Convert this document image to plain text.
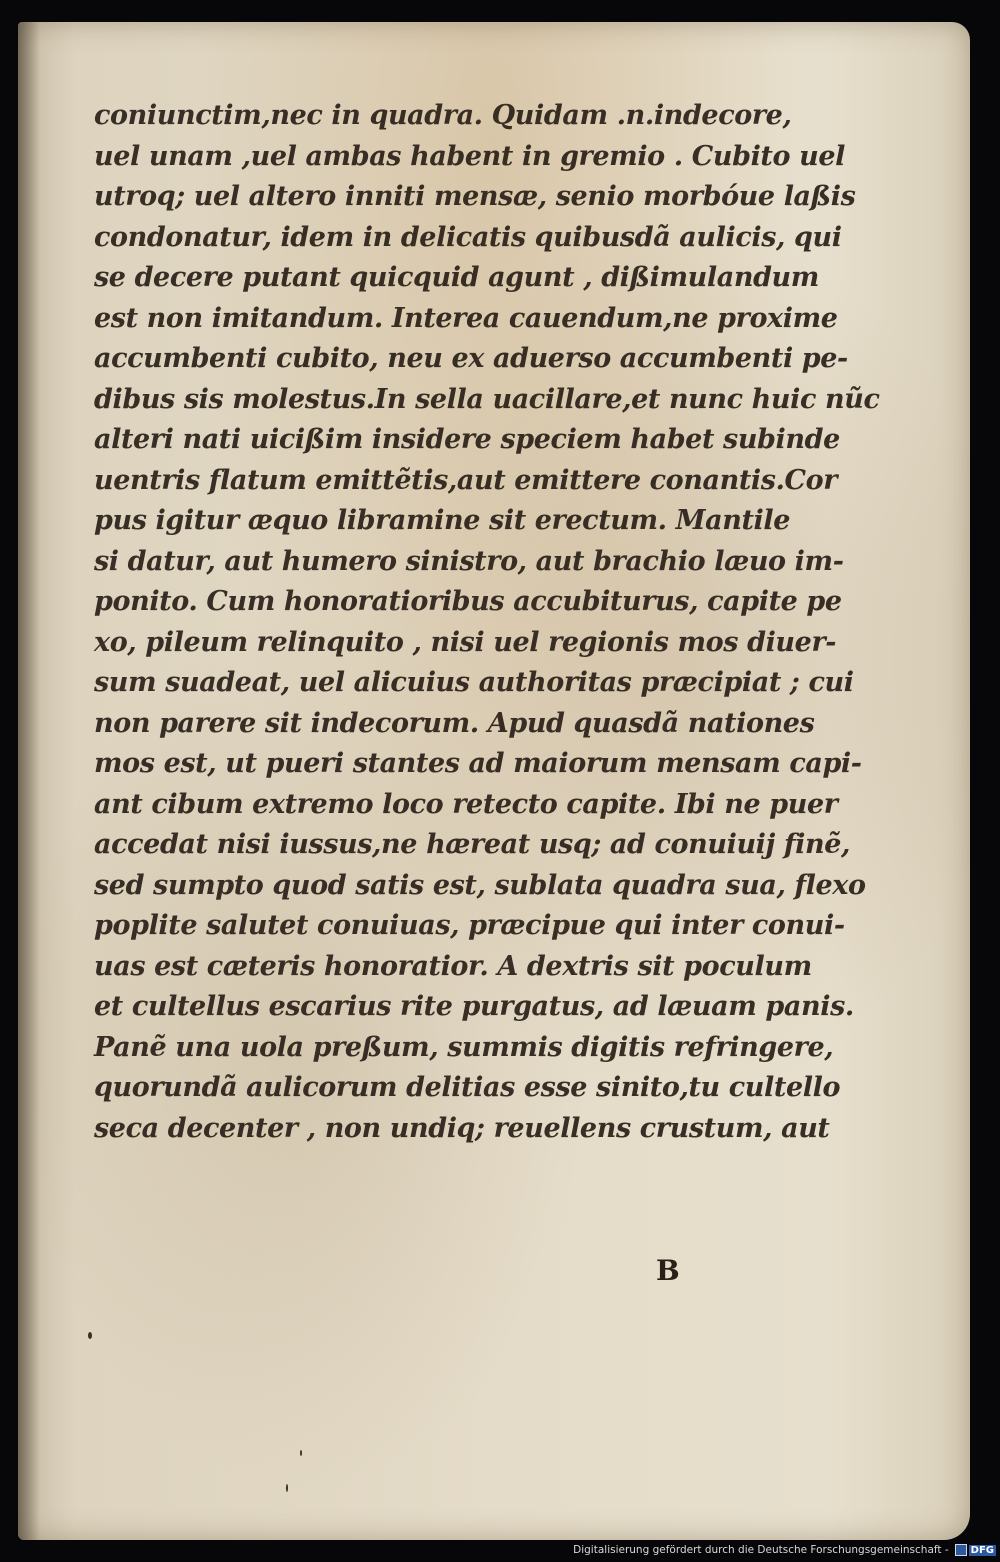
coniunctim,nec in quadra. Quidam .n.indecore,
uel unam ,uel ambas habent in gremio . Cubito uel
utroq; uel altero inniti mensæ, senio morbóue laßis
condonatur, idem in delicatis quibusdã aulicis, qui
se decere putant quicquid agunt , dißimulandum
est non imitandum. Interea cauendum,ne proxime
accumbenti cubito, neu ex aduerso accumbenti pe-
dibus sis molestus.In sella uacillare,et nunc huic nũc
alteri nati uicißim insidere speciem habet subinde
uentris flatum emittẽtis,aut emittere conantis.Cor
pus igitur æquo libramine sit erectum. Mantile
si datur, aut humero sinistro, aut brachio læuo im-
ponito. Cum honoratioribus accubiturus, capite pe
xo, pileum relinquito , nisi uel regionis mos diuer-
sum suadeat, uel alicuius authoritas præcipiat ; cui
non parere sit indecorum. Apud quasdã nationes
mos est, ut pueri stantes ad maiorum mensam capi-
ant cibum extremo loco retecto capite. Ibi ne puer
accedat nisi iussus,ne hæreat usq; ad conuiuij finẽ,
sed sumpto quod satis est, sublata quadra sua, flexo
poplite salutet conuiuas, præcipue qui inter conui-
uas est cæteris honoratior. A dextris sit poculum
et cultellus escarius rite purgatus, ad læuam panis.
Panẽ una uola preßum, summis digitis refringere,
quorundã aulicorum delitias esse sinito,tu cultello
seca decenter , non undiq; reuellens crustum, aut
B
Digitalisierung gefördert durch die Deutsche Forschungsgemeinschaft - DFG
